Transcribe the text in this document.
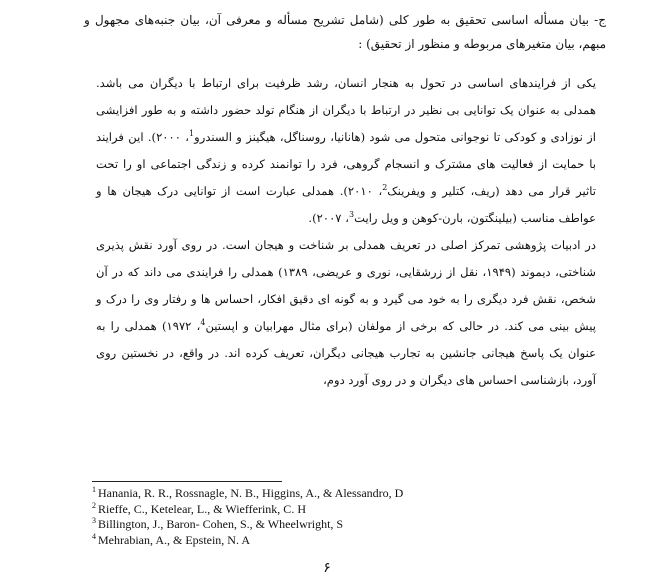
ج- بیان مسأله اساسی تحقیق به طور کلی (شامل تشریح مسأله و معرفی آن، بیان جنبه‌های مجهول و مبهم، بیان متغیرهای مربوطه و منظور از تحقیق) :

یکی از فرایندهای اساسی در تحول به هنجار انسان، رشد ظرفیت برای ارتباط با دیگران می باشد. همدلی به عنوان یک توانایی بی نظیر در ارتباط با دیگران از هنگام تولد حضور داشته و به طور افزایشی از نوزادی و کودکی تا نوجوانی متحول می شود (هانانیا، روسناگل، هیگینز و السندرو$^1$، ۲۰۰۰). این فرایند با حمایت از فعالیت های مشترک و انسجام گروهی، فرد را توانمند کرده و زندگی اجتماعی او را تحت تاثیر قرار می دهد (ریف، کتلیر و ویفرینک$^2$، ۲۰۱۰). همدلی عبارت است از توانایی درک هیجان ها و عواطف مناسب (بیلینگتون، بارن-کوهن و ویل رایت$^3$، ۲۰۰۷).
در ادبیات پژوهشی تمرکز اصلی در تعریف همدلی بر شناخت و هیجان است. در روی آورد نقش پذیری شناختی، دیموند (۱۹۴۹، نقل از زرشقایی، نوری و عریضی، ۱۳۸۹) همدلی را فرایندی می داند که در آن شخص، نقش فرد دیگری را به خود می گیرد و به گونه ای دقیق افکار، احساس ها و رفتار وی را درک و پیش بینی می کند. در حالی که برخی از مولفان (برای مثال مهرابیان و اپستین$^4$، ۱۹۷۲) همدلی را به عنوان یک پاسخ هیجانی جانشین به تجارب هیجانی دیگران، تعریف کرده اند. در واقع، در نخستین روی آورد، بازشناسی احساس های دیگران و در روی آورد دوم،
$^1$ Hanania, R. R., Rossnagle, N. B., Higgins, A., & Alessandro, D
$^2$ Rieffe, C., Ketelear, L., & Wiefferink, C. H
$^3$ Billington, J., Baron- Cohen, S., & Wheelwright, S
$^4$ Mehrabian, A., & Epstein, N. A
۶
